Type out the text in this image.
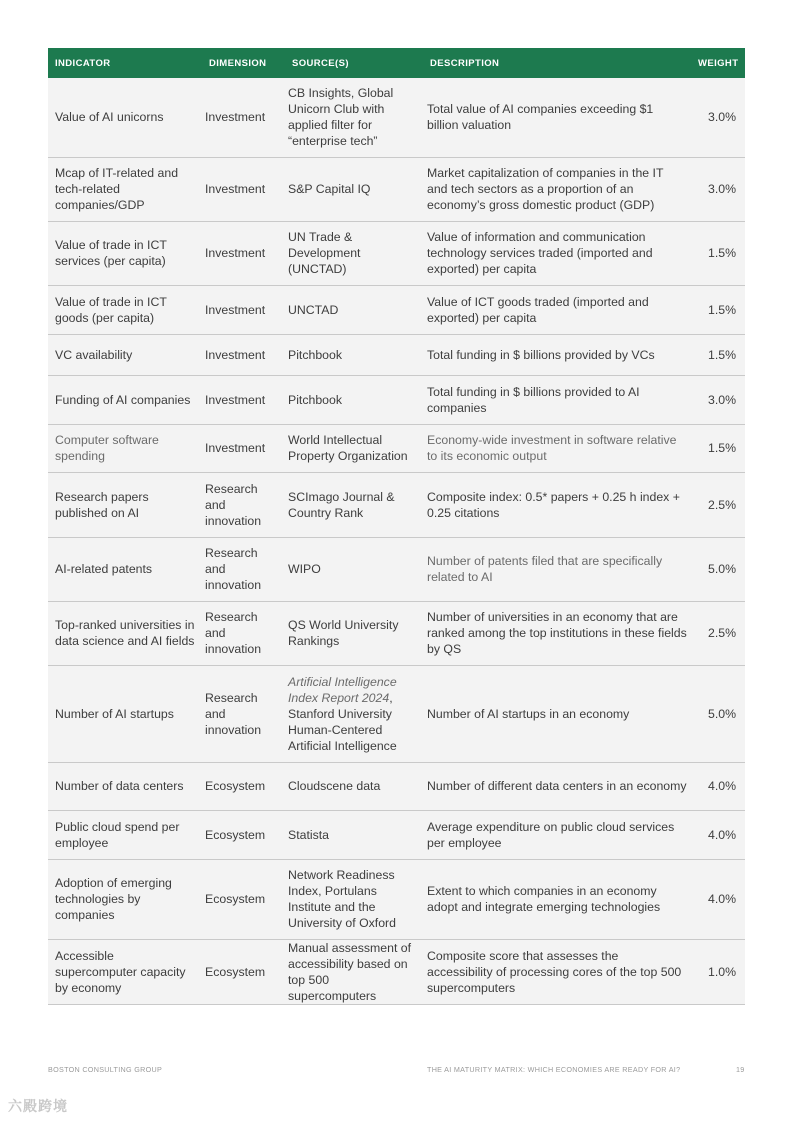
INDICATOR	DIMENSION	SOURCE(S)	DESCRIPTION	WEIGHT
Value of AI unicorns	Investment	CB Insights, Global Unicorn Club with applied filter for “enterprise tech”	Total value of AI companies exceeding $1 billion valuation	3.0%
Mcap of IT-related and tech-related companies/GDP	Investment	S&P Capital IQ	Market capitalization of companies in the IT and tech sectors as a proportion of an economy’s gross domestic product (GDP)	3.0%
Value of trade in ICT services (per capita)	Investment	UN Trade & Development (UNCTAD)	Value of information and communication technology services traded (imported and exported) per capita	1.5%
Value of trade in ICT goods (per capita)	Investment	UNCTAD	Value of ICT goods traded (imported and exported) per capita	1.5%
VC availability	Investment	Pitchbook	Total funding in $ billions provided by VCs	1.5%
Funding of AI companies	Investment	Pitchbook	Total funding in $ billions provided to AI companies	3.0%
Computer software spending	Investment	World Intellectual Property Organization	Economy-wide investment in software relative to its economic output	1.5%
Research papers published on AI	Research and innovation	SCImago Journal & Country Rank	Composite index: 0.5* papers + 0.25 h index + 0.25 citations	2.5%
AI-related patents	Research and innovation	WIPO	Number of patents filed that are specifically related to AI	5.0%
Top-ranked universities in data science and AI fields	Research and innovation	QS World University Rankings	Number of universities in an economy that are ranked among the top institutions in these fields by QS	2.5%
Number of AI startups	Research and innovation	Artificial Intelligence Index Report 2024, Stanford University Human-Centered Artificial Intelligence	Number of AI startups in an economy	5.0%
Number of data centers	Ecosystem	Cloudscene data	Number of different data centers in an economy	4.0%
Public cloud spend per employee	Ecosystem	Statista	Average expenditure on public cloud services per employee	4.0%
Adoption of emerging technologies by companies	Ecosystem	Network Readiness Index, Portulans Institute and the University of Oxford	Extent to which companies in an economy adopt and integrate emerging technologies	4.0%
Accessible supercomputer capacity by economy	Ecosystem	Manual assessment of accessibility based on top 500 supercomputers	Composite score that assesses the accessibility of processing cores of the top 500 supercomputers	1.0%
BOSTON CONSULTING GROUP	THE AI MATURITY MATRIX: WHICH ECONOMIES ARE READY FOR AI?	19
六殿跨境
